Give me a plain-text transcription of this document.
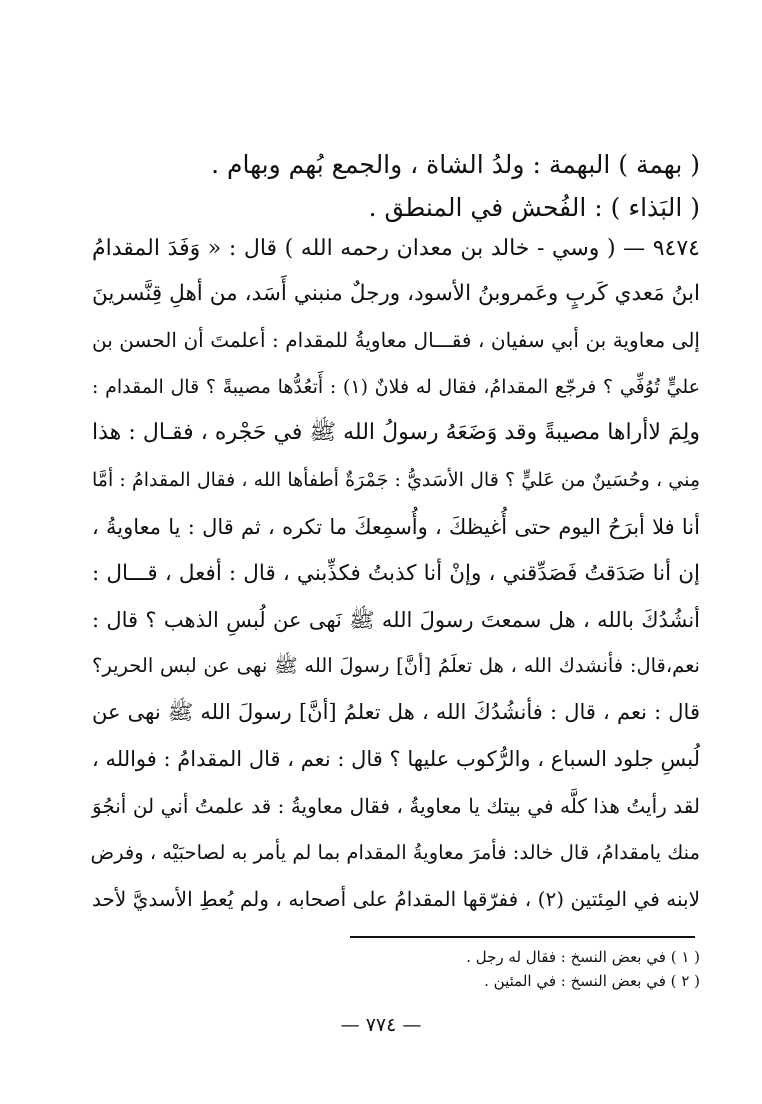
( بهمة ) البهمة : ولدُ الشاة ، والجمع بُهم وبهام .
( البَذاء ) : الفُحش في المنطق .
٩٤٧٤ — ( وسي - خالد بن معدان رحمه الله ) قال : « وَفَدَ المقدامُ
ابنُ مَعدي كَربٍ وعَمروبنُ الأسود، ورجلٌ منبني أَسَد، من أهلِ قِنَّسرينَ
إلى معاوية بن أبي سفيان ، فقـــال معاويةُ للمقدام : أعلمتَ أن الحسن بن
عليٍّ تُوُفِّي ؟ فرجّع المقدامُ، فقال له فلانٌ (١) : أَتعُدُّها مصيبةً ؟ قال المقدام :
ولِمَ لاأراها مصيبةً وقد وَضَعَهُ رسولُ الله ﷺ في حَجْره ، فقـال : هذا
مِني ، وحُسَينٌ من عَليٍّ ؟ قال الأسَديُّ : جَمْرَةٌ أطفأها الله ، فقال المقدامُ : أمَّا
أنا فلا أبرَحُ اليوم حتى أُغيظكَ ، وأُسمِعكَ ما تكره ، ثم قال : يا معاويةُ ،
إن أنا صَدَقتُ فَصَدِّقني ، وإنْ أنا كذبتُ فكذِّبني ، قال : أفعل ، قـــال :
أنشُدُكَ بالله ، هل سمعتَ رسولَ الله ﷺ نَهى عن لُبسِ الذهب ؟ قال :
نعم،قال: فأنشدك الله ، هل تعلَمُ [أنَّ] رسولَ الله ﷺ نهى عن لبس الحرير؟
قال : نعم ، قال : فأنشُدُكَ الله ، هل تعلمُ [أنَّ] رسولَ الله ﷺ نهى عن
لُبسِ جلود السباع ، والرُّكوب عليها ؟ قال : نعم ، قال المقدامُ : فوالله ،
لقد رأيتُ هذا كلَّه في بيتك يا معاويةُ ، فقال معاويةُ : قد علمتُ أني لن أنجُوَ
منك يامقدامُ، قال خالد: فأمرَ معاويةُ المقدام بما لم يأمر به لصاحبَيْه ، وفرض
لابنه في المِئتين (٢) ، ففرّقها المقدامُ على أصحابه ، ولم يُعطِ الأسديَّ لأحد
( ١ ) في بعض النسخ : فقال له رجل .
( ٢ ) في بعض النسخ : في المئين .
— ٧٧٤ —
